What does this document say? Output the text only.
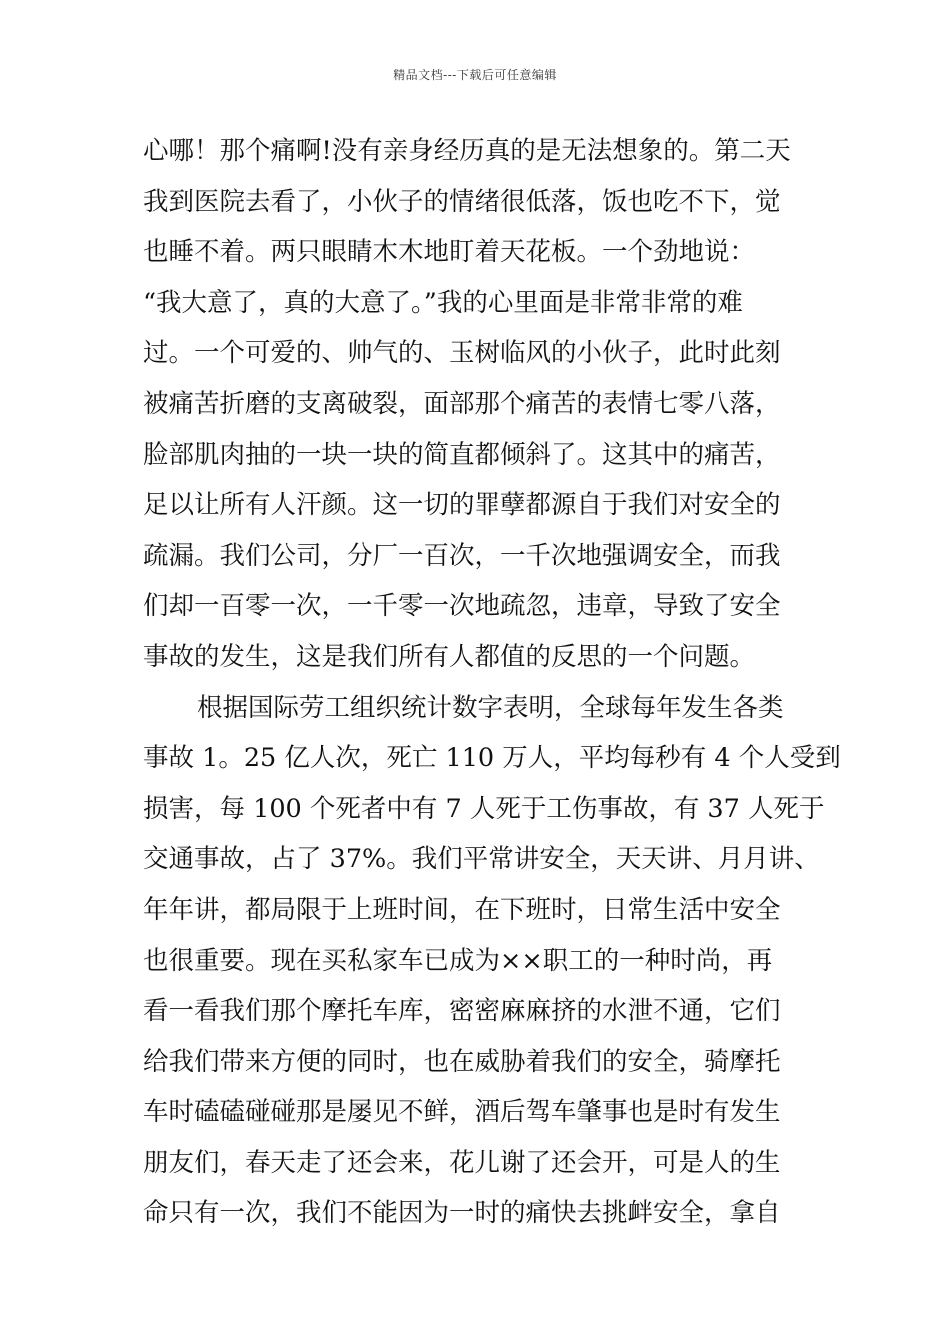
精品文档---下载后可任意编辑
心哪！那个痛啊!没有亲身经历真的是无法想象的。第二天
我到医院去看了，小伙子的情绪很低落，饭也吃不下，觉
也睡不着。两只眼睛木木地盯着天花板。一个劲地说：
“我大意了，真的大意了。”我的心里面是非常非常的难
过。一个可爱的、帅气的、玉树临风的小伙子，此时此刻
被痛苦折磨的支离破裂，面部那个痛苦的表情七零八落，
脸部肌肉抽的一块一块的简直都倾斜了。这其中的痛苦，
足以让所有人汗颜。这一切的罪孽都源自于我们对安全的
疏漏。我们公司，分厂一百次，一千次地强调安全，而我
们却一百零一次，一千零一次地疏忽，违章，导致了安全
事故的发生，这是我们所有人都值的反思的一个问题。
根据国际劳工组织统计数字表明，全球每年发生各类
事故 1。25 亿人次，死亡 110 万人，平均每秒有 4 个人受到
损害，每 100 个死者中有 7 人死于工伤事故，有 37 人死于
交通事故，占了 37%。我们平常讲安全，天天讲、月月讲、
年年讲，都局限于上班时间，在下班时，日常生活中安全
也很重要。现在买私家车已成为××职工的一种时尚，再
看一看我们那个摩托车库，密密麻麻挤的水泄不通，它们
给我们带来方便的同时，也在威胁着我们的安全，骑摩托
车时磕磕碰碰那是屡见不鲜，酒后驾车肇事也是时有发生
朋友们，春天走了还会来，花儿谢了还会开，可是人的生
命只有一次，我们不能因为一时的痛快去挑衅安全，拿自
